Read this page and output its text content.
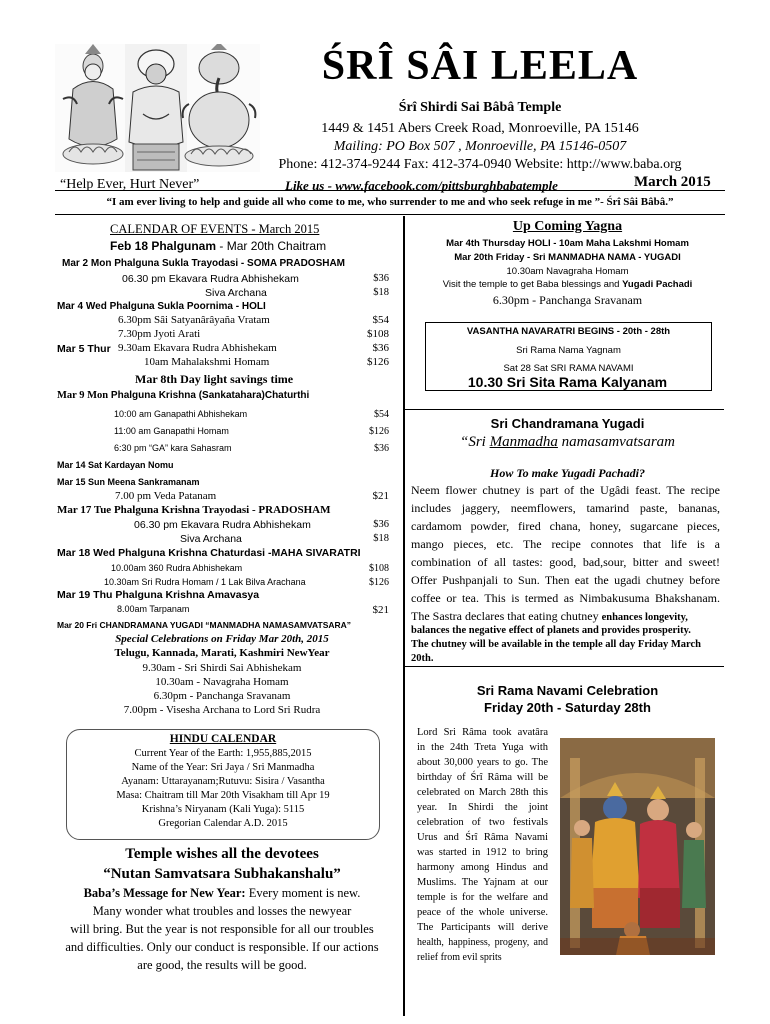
ŚRÎ SÂI LEELA
Śrî Shirdi Sai Bâbâ Temple
1449 & 1451 Abers Creek Road, Monroeville, PA 15146
Mailing: PO Box 507 , Monroeville, PA 15146-0507
Phone: 412-374-9244 Fax: 412-374-0940 Website: http://www.baba.org
“Help Ever, Hurt Never”	Like us - www.facebook.com/pittsburghbabatemple	March 2015
“I am ever living to help and guide all who come to me, who surrender to me and who seek refuge in me ”- Śrî Sâi Bâbâ.”
CALENDAR OF EVENTS - March 2015
Feb 18 Phalgunam - Mar 20th Chaitram
Mar 2 Mon Phalguna Sukla Trayodasi - SOMA PRADOSHAM
06.30 pm Ekavara Rudra Abhishekam	$36
Siva Archana	$18
Mar 4 Wed Phalguna Sukla Poornima - HOLI
6.30pm Sâi Satyanârâyaña Vratam	$54
7.30pm Jyoti Arati	$108
Mar 5 Thur 9.30am Ekavara Rudra Abhishekam	$36
10am Mahalakshmi Homam	$126
Mar 8th Day light savings time
Mar 9 Mon Phalguna Krishna (Sankatahara)Chaturthi
10:00 am Ganapathi Abhishekam	$54
11:00 am Ganapathi Homam	$126
6:30 pm “GA” kara Sahasram	$36
Mar 14 Sat Kardayan Nomu
Mar 15 Sun Meena Sankramanam
7.00 pm Veda Patanam	$21
Mar 17 Tue Phalguna Krishna Trayodasi - PRADOSHAM
06.30 pm Ekavara Rudra Abhishekam	$36
Siva Archana	$18
Mar 18 Wed Phalguna Krishna Chaturdasi -MAHA SIVARATRI
10.00am 360 Rudra Abhishekam	$108
10.30am Sri Rudra Homam / 1 Lak Bilva Arachana	$126
Mar 19 Thu Phalguna Krishna Amavasya
8.00am Tarpanam	$21
Mar 20 Fri CHANDRAMANA YUGADI “MANMADHA NAMASAMVATSARA”
Special Celebrations on Friday Mar 20th, 2015
Telugu, Kannada, Marati, Kashmiri NewYear
9.30am - Sri Shirdi Sai Abhishekam
10.30am - Navagraha Homam
6.30pm - Panchanga Sravanam
7.00pm - Visesha Archana to Lord Sri Rudra
HINDU CALENDAR
Current Year of the Earth: 1,955,885,2015
Name of the Year: Sri Jaya / Sri Manmadha
Ayanam: Uttarayanam;Rutuvu: Sisira / Vasantha
Masa: Chaitram till Mar 20th Visakham till Apr 19
Krishna’s Niryanam (Kali Yuga): 5115
Gregorian Calendar A.D. 2015
Temple wishes all the devotees
“Nutan Samvatsara Subhakanshalu”
Baba’s Message for New Year: Every moment is new.
Many wonder what troubles and losses the newyear
will bring. But the year is not responsible for all our troubles
and difficulties. Only our conduct is responsible. If our actions
are good, the results will be good.
Up Coming Yagna
Mar 4th Thursday HOLI - 10am Maha Lakshmi Homam
Mar 20th Friday - Sri MANMADHA NAMA - YUGADI
10.30am Navagraha Homam
Visit the temple to get Baba blessings and Yugadi Pachadi
6.30pm - Panchanga Sravanam
VASANTHA NAVARATRI BEGINS - 20th - 28th
Sri Rama Nama Yagnam
Sat 28 Sat SRI RAMA NAVAMI
10.30 Sri Sita Rama Kalyanam
Sri Chandramana Yugadi
“Sri Manmadha namasamvatsaram
How To make Yugadi Pachadi?
Neem flower chutney is part of the Ugâdi feast. The recipe
includes jaggery, neemflowers, tamarind paste, bananas,
cardamom powder, fired chana, honey, sugarcane pieces,
mango pieces, etc. The recipe connotes that life is a
combination of all tastes: good, bad,sour, bitter and sweet!
Offer Pushpanjali to Sun. Then eat the ugadi chutney before
coffee or tea. This is termed as Nimbakusuma Bhakshanam.
The Sastra declares that eating chutney enhances longevity,
balances the negative effect of planets and provides prosperity.
The chutney will be available in the temple all day Friday March
20th.
Sri Rama Navami Celebration
Friday 20th - Saturday 28th
Lord Sri Râma took avatâra
in the 24th Treta Yuga with
about 30,000 years to go. The
birthday of Śrî Râma will be
celebrated on March 28th this
year. In Shirdi the joint
celebration of two festivals
Urus and Śrî Râma Navami
was started in 1912 to bring
harmony among Hindus and
Muslims. The Yajnam at our
temple is for the welfare and
peace of the whole universe.
The Participants will derive
health, happiness, progeny, and
relief from evil sprits
